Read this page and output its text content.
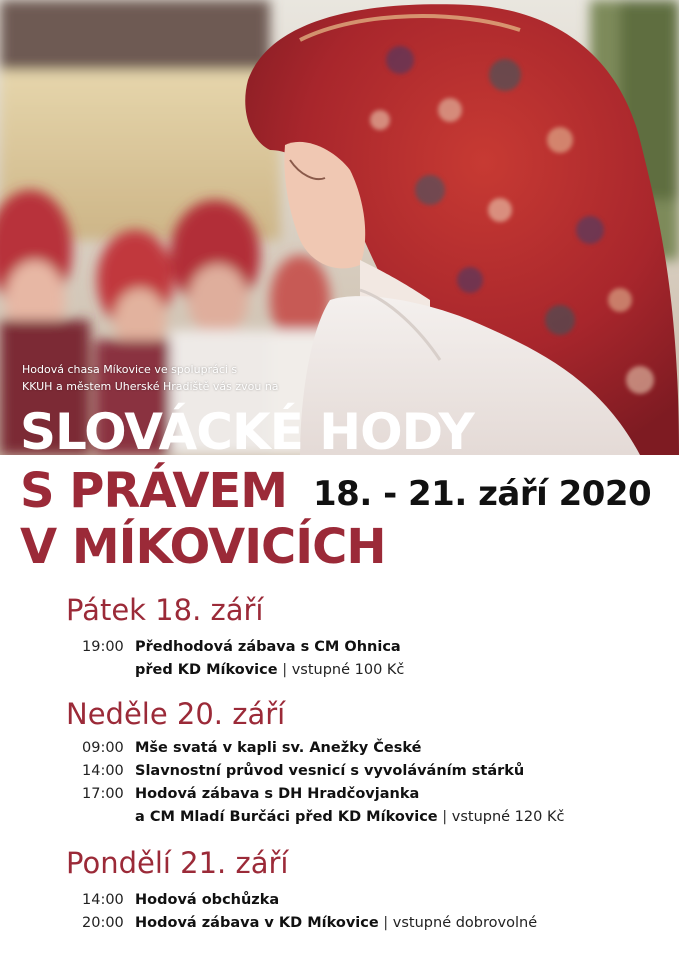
Hodová chasa Míkovice ve spolupráci s
KKUH a městem Uherské Hradiště vás zvou na
SLOVÁCKÉ HODY
S PRÁVEM
V MÍKOVICÍCH
18. - 21. září 2020
Pátek 18. září
19:00 Předhodová zábava s CM Ohnica
před KD Míkovice | vstupné 100 Kč
Neděle 20. září
09:00 Mše svatá v kapli sv. Anežky České
14:00 Slavnostní průvod vesnicí s vyvoláváním stárků
17:00 Hodová zábava s DH Hradčovjanka
a CM Mladí Burčáci před KD Míkovice | vstupné 120 Kč
Pondělí 21. září
14:00 Hodová obchůzka
20:00 Hodová zábava v KD Míkovice | vstupné dobrovolné
